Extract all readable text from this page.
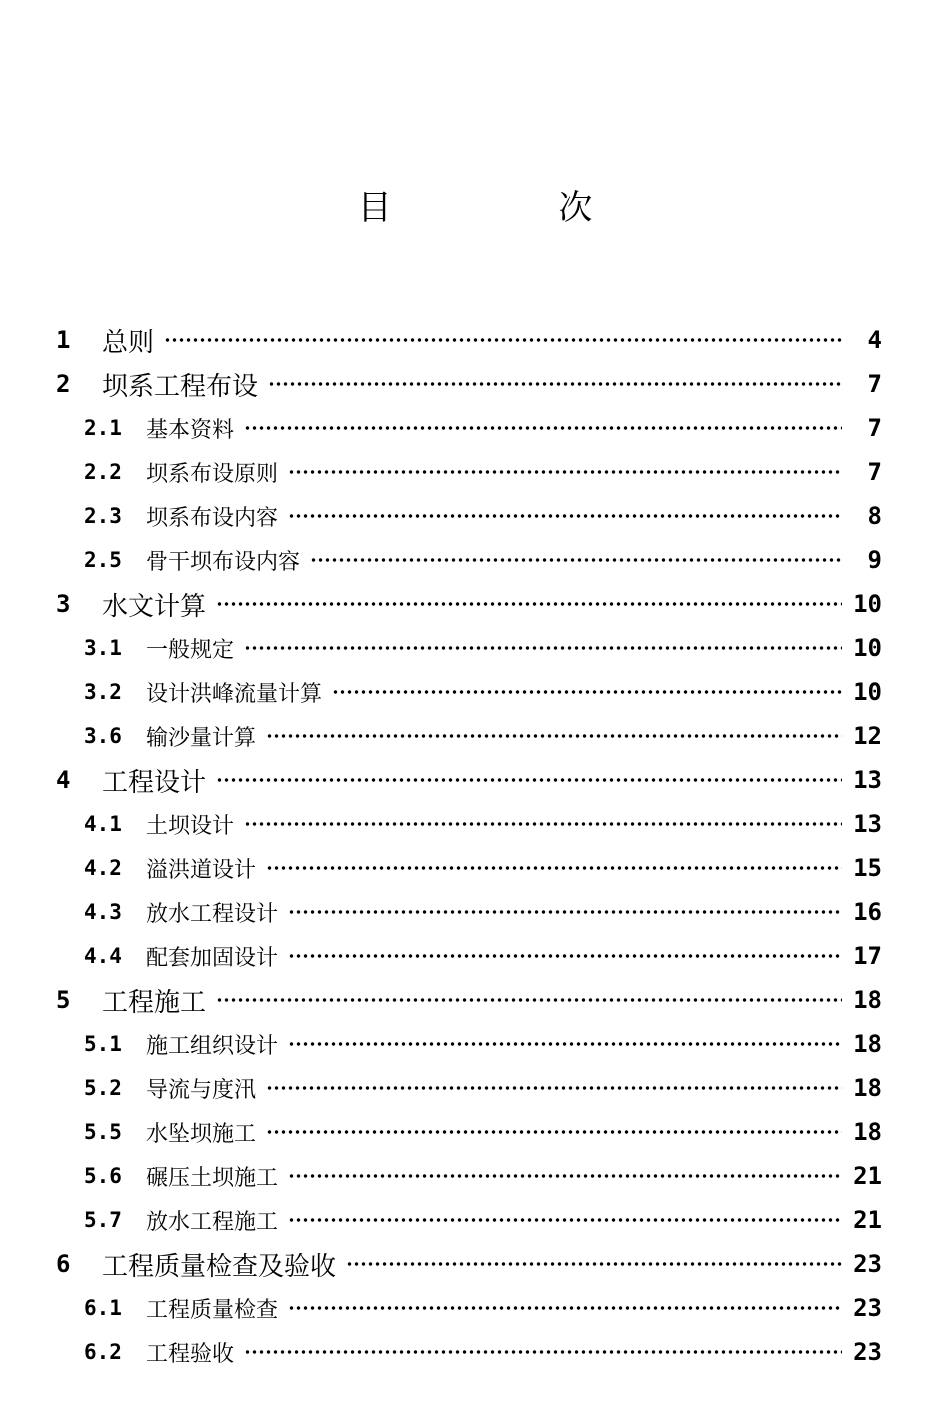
目 次
1	总则	4
2	坝系工程布设	7
2.1	基本资料	7
2.2	坝系布设原则	7
2.3	坝系布设内容	8
2.5	骨干坝布设内容	9
3	水文计算	10
3.1	一般规定	10
3.2	设计洪峰流量计算	10
3.6	输沙量计算	12
4	工程设计	13
4.1	土坝设计	13
4.2	溢洪道设计	15
4.3	放水工程设计	16
4.4	配套加固设计	17
5	工程施工	18
5.1	施工组织设计	18
5.2	导流与度汛	18
5.5	水坠坝施工	18
5.6	碾压土坝施工	21
5.7	放水工程施工	21
6	工程质量检查及验收	23
6.1	工程质量检查	23
6.2	工程验收	23
